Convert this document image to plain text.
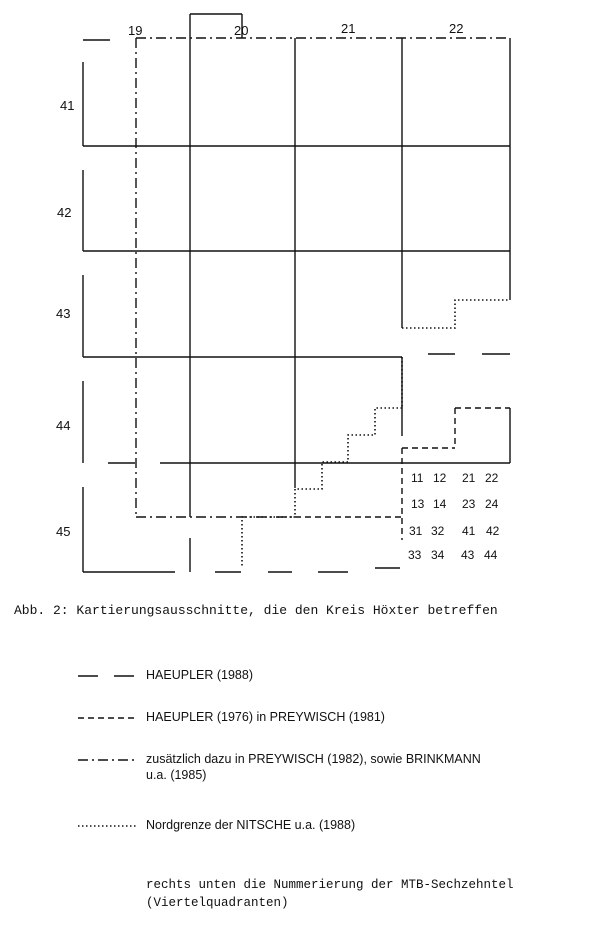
19	20	21	22
41
42
43
44
45
11 12 21 22
13 14 23 24
31 32 41 42
33 34 43 44
Abb. 2: Kartierungsausschnitte, die den Kreis Höxter betreffen
HAEUPLER (1988)
HAEUPLER (1976) in PREYWISCH (1981)
zusätzlich dazu in PREYWISCH (1982), sowie BRINKMANN
u.a. (1985)
Nordgrenze der NITSCHE u.a. (1988)
rechts unten die Nummerierung der MTB-Sechzehntel
(Viertelquadranten)
